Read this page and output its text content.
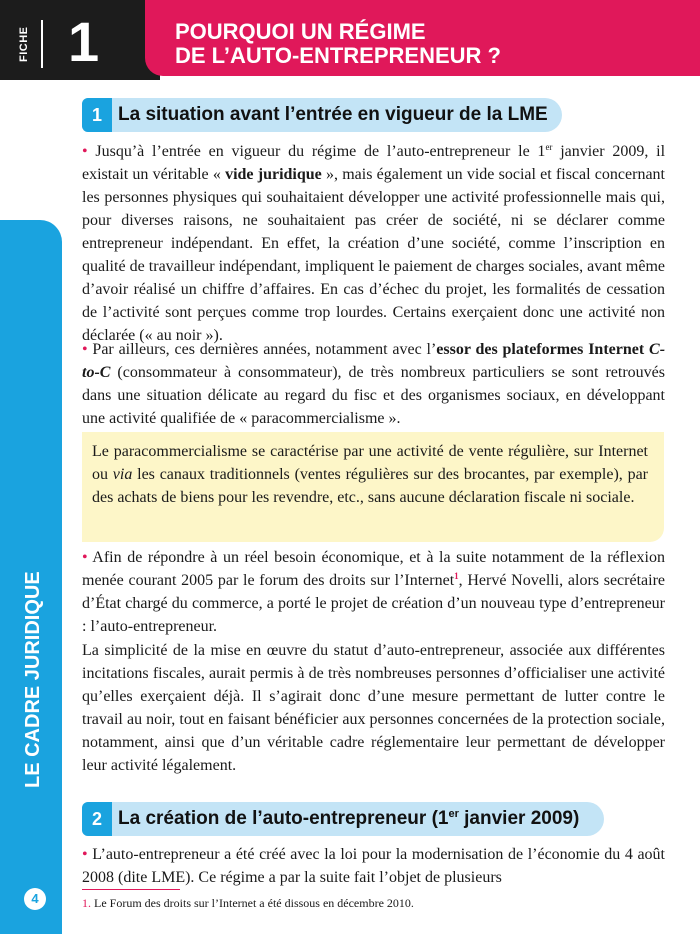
FICHE 1	POURQUOI UN RÉGIME
DE L’AUTO-ENTREPRENEUR ?
LE CADRE JURIDIQUE
4
1 La situation avant l’entrée en vigueur de la LME

• Jusqu’à l’entrée en vigueur du régime de l’auto-entrepreneur le 1er janvier 2009, il existait un véritable « vide juridique », mais également un vide social et fiscal concernant les personnes physiques qui souhaitaient développer une activité professionnelle mais qui, pour diverses raisons, ne souhaitaient pas créer de société, ni se déclarer comme entrepreneur indépendant. En effet, la création d’une société, comme l’inscription en qualité de travailleur indépendant, impliquent le paiement de charges sociales, avant même d’avoir réalisé un chiffre d’affaires. En cas d’échec du projet, les formalités de cessation de l’activité sont perçues comme trop lourdes. Certains exerçaient donc une activité non déclarée (« au noir »).

• Par ailleurs, ces dernières années, notamment avec l’essor des plateformes Internet C-to-C (consommateur à consommateur), de très nombreux particuliers se sont retrouvés dans une situation délicate au regard du fisc et des organismes sociaux, en développant une activité qualifiée de « paracommercialisme ».

Le paracommercialisme se caractérise par une activité de vente régulière, sur Internet ou via les canaux traditionnels (ventes régulières sur des brocantes, par exemple), par des achats de biens pour les revendre, etc., sans aucune déclaration fiscale ni sociale.

• Afin de répondre à un réel besoin économique, et à la suite notamment de la réflexion menée courant 2005 par le forum des droits sur l’Internet$^1$, Hervé Novelli, alors secrétaire d’État chargé du commerce, a porté le projet de création d’un nouveau type d’entrepreneur : l’auto-entrepreneur.

La simplicité de la mise en œuvre du statut d’auto-entrepreneur, associée aux différentes incitations fiscales, aurait permis à de très nombreuses personnes d’officialiser une activité qu’elles exerçaient déjà. Il s’agirait donc d’une mesure permettant de lutter contre le travail au noir, tout en faisant bénéficier aux personnes concernées de la protection sociale, notamment, ainsi que d’un véritable cadre réglementaire leur permettant de développer leur activité légalement.

2 La création de l’auto-entrepreneur (1er janvier 2009)

• L’auto-entrepreneur a été créé avec la loi pour la modernisation de l’économie du 4 août 2008 (dite LME). Ce régime a par la suite fait l’objet de plusieurs

1. Le Forum des droits sur l’Internet a été dissous en décembre 2010.
